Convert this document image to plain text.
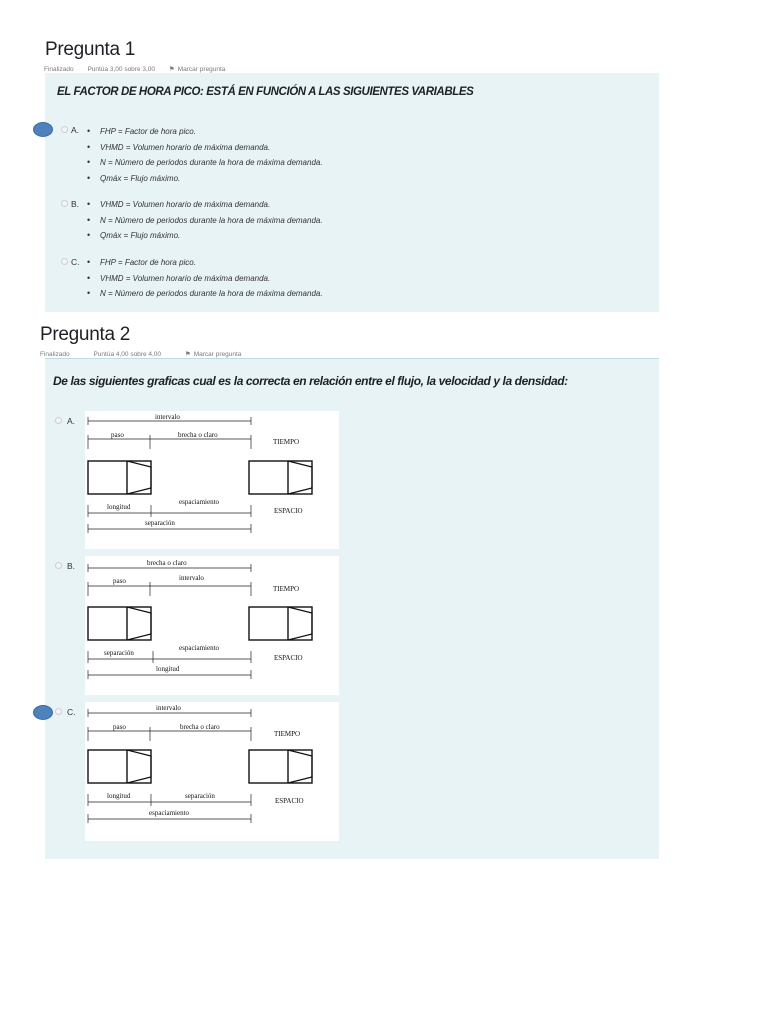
Pregunta 1
Finalizado Puntúa 3,00 sobre 3,00 ⚑ Marcar pregunta
EL FACTOR DE HORA PICO: ESTÁ EN FUNCIÓN A LAS SIGUIENTES VARIABLES
A. • FHP = Factor de hora pico.
• VHMD = Volumen horario de máxima demanda.
• N = Número de periodos durante la hora de máxima demanda.
• Qmáx = Flujo máximo.
B. • VHMD = Volumen horario de máxima demanda.
• N = Número de periodos durante la hora de máxima demanda.
• Qmáx = Flujo máximo.
C. • FHP = Factor de hora pico.
• VHMD = Volumen horario de máxima demanda.
• N = Número de periodos durante la hora de máxima demanda.
Pregunta 2
Finalizado	Puntúa 4,00 sobre 4,00	⚑ Marcar pregunta
De las siguientes graficas cual es la correcta en relación entre el flujo, la velocidad y la densidad:
A.	intervalo
paso	brecha o claro
TIEMPO
longitud
espaciamiento
ESPACIO
separación
B.	brecha o claro
paso	intervalo
TIEMPO
separación
espaciamiento
ESPACIO
longitud
C.	intervalo
paso	brecha o claro
TIEMPO
longitud	separación
ESPACIO
espaciamiento
